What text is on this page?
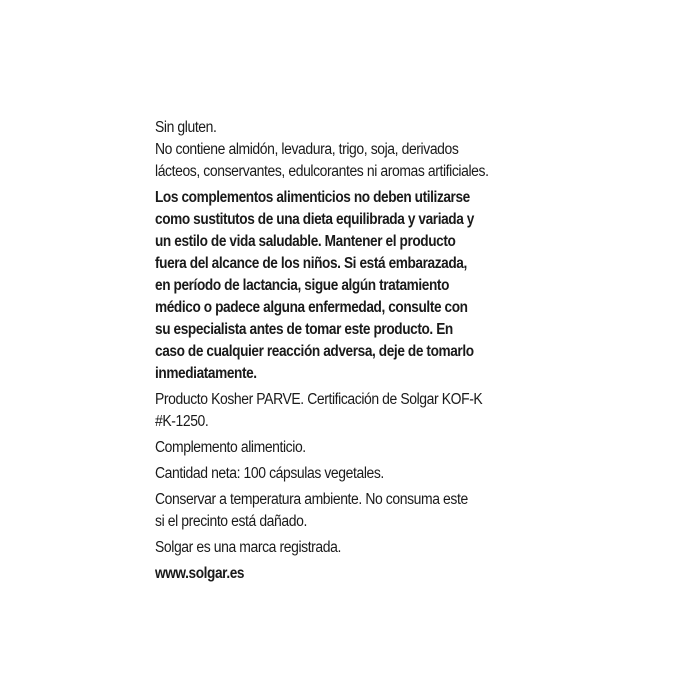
Sin gluten.

No contiene almidón, levadura, trigo, soja, derivados

lácteos, conservantes, edulcorantes ni aromas artificiales.

Los complementos alimenticios no deben utilizarse

como sustitutos de una dieta equilibrada y variada y

un estilo de vida saludable. Mantener el producto

fuera del alcance de los niños. Si está embarazada,

en período de lactancia, sigue algún tratamiento

médico o padece alguna enfermedad, consulte con

su especialista antes de tomar este producto. En

caso de cualquier reacción adversa, deje de tomarlo

inmediatamente.

Producto Kosher PARVE. Certificación de Solgar KOF-K

#K-1250.

Complemento alimenticio.

Cantidad neta: 100 cápsulas vegetales.

Conservar a temperatura ambiente. No consuma este

si el precinto está dañado.

Solgar es una marca registrada.

www.solgar.es
